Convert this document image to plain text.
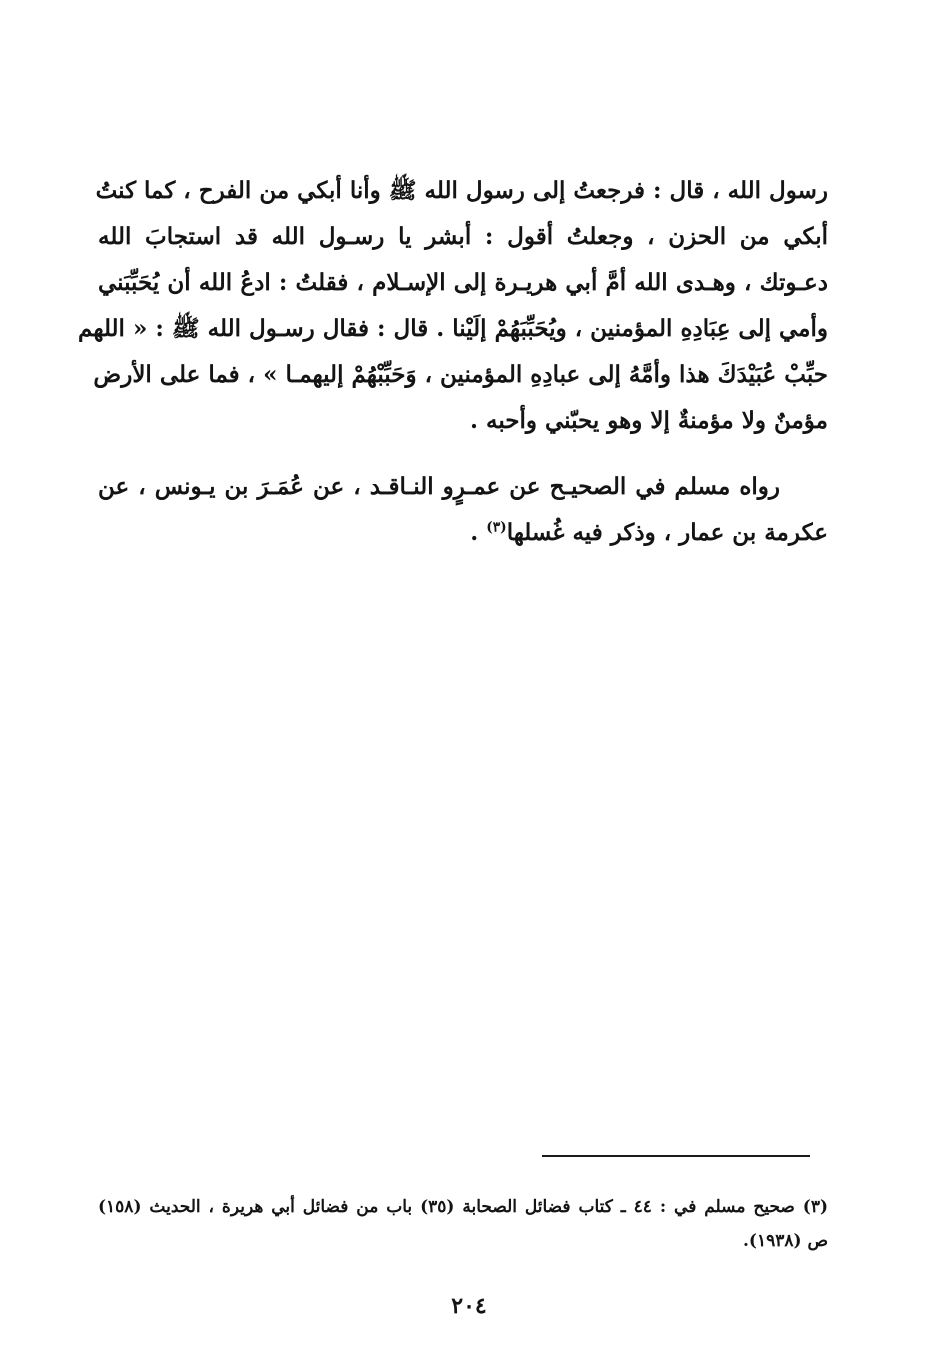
رسول الله ، قال : فرجعتُ إلى رسول الله ﷺ وأنا أبكي من الفرح ، كما كنتُ
أبكي من الحزن ، وجعلتُ أقول : أبشر يا رسـول الله قد استجابَ الله
دعـوتك ، وهـدى الله أمَّ أبي هريـرة إلى الإسـلام ، فقلتُ : ادعُ الله أن يُحَبِّبَني
وأمي إلى عِبَادِهِ المؤمنين ، ويُحَبِّبَهُمْ إلَيْنا . قال : فقال رسـول الله ﷺ : « اللهم
حبِّبْ عُبَيْدَكَ هذا وأمَّهُ إلى عبادِهِ المؤمنين ، وَحَبِّبْهُمْ إليهمـا » ، فما على الأرض
مؤمنٌ ولا مؤمنةٌ إلا وهو يحبّني وأحبه .
رواه مسلم في الصحيـح عن عمـرٍو النـاقـد ، عن عُمَـرَ بن يـونس ، عن
عكرمة بن عمار ، وذكر فيه غُسلها$^{(٣)}$ .
(٣) صحيح مسلم في : ٤٤ ـ كتاب فضائل الصحابة (٣٥) باب من فضائل أبي هريرة ، الحديث (١٥٨)
ص (١٩٣٨).
٢٠٤
